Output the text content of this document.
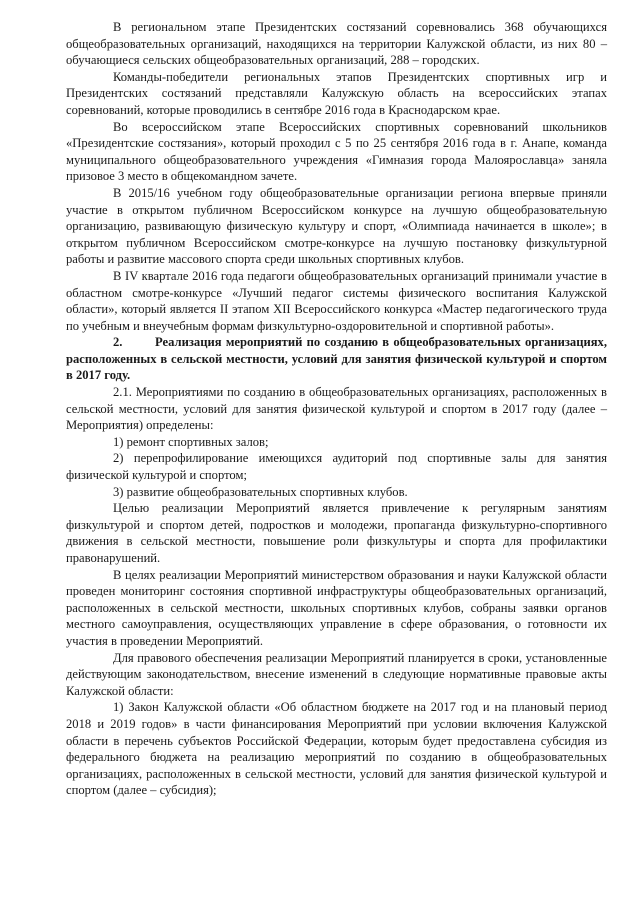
В региональном этапе Президентских состязаний соревновались 368 обучающихся общеобразовательных организаций, находящихся на территории Калужской области, из них 80 – обучающиеся сельских общеобразовательных организаций, 288 – городских.

Команды-победители региональных этапов Президентских спортивных игр и Президентских состязаний представляли Калужскую область на всероссийских этапах соревнований, которые проводились в сентябре 2016 года в Краснодарском крае.

Во всероссийском этапе Всероссийских спортивных соревнований школьников «Президентские состязания», который проходил с 5 по 25 сентября 2016 года в г. Анапе, команда муниципального общеобразовательного учреждения «Гимназия города Малоярославца» заняла призовое 3 место в общекомандном зачете.

В 2015/16 учебном году общеобразовательные организации региона впервые приняли участие в открытом публичном Всероссийском конкурсе на лучшую общеобразовательную организацию, развивающую физическую культуру и спорт, «Олимпиада начинается в школе»; в открытом публичном Всероссийском смотре-конкурсе на лучшую постановку физкультурной работы и развитие массового спорта среди школьных спортивных клубов.

В IV квартале 2016 года педагоги общеобразовательных организаций принимали участие в областном смотре-конкурсе «Лучший педагог системы физического воспитания Калужской области», который является II этапом XII Всероссийского конкурса «Мастер педагогического труда по учебным и внеучебным формам физкультурно-оздоровительной и спортивной работы».

2.	Реализация мероприятий по созданию в общеобразовательных организациях, расположенных в сельской местности, условий для занятия физической культурой и спортом в 2017 году.

2.1. Мероприятиями по созданию в общеобразовательных организациях, расположенных в сельской местности, условий для занятия физической культурой и спортом в 2017 году (далее – Мероприятия) определены:

1) ремонт спортивных залов;

2) перепрофилирование имеющихся аудиторий под спортивные залы для занятия физической культурой и спортом;

3) развитие общеобразовательных спортивных клубов.

Целью реализации Мероприятий является привлечение к регулярным занятиям физкультурой и спортом детей, подростков и молодежи, пропаганда физкультурно-спортивного движения в сельской местности, повышение роли физкультуры и спорта для профилактики правонарушений.

В целях реализации Мероприятий министерством образования и науки Калужской области проведен мониторинг состояния спортивной инфраструктуры общеобразовательных организаций, расположенных в сельской местности, школьных спортивных клубов, собраны заявки органов местного самоуправления, осуществляющих управление в сфере образования, о готовности их участия в проведении Мероприятий.

Для правового обеспечения реализации Мероприятий планируется в сроки, установленные действующим законодательством, внесение изменений в следующие нормативные правовые акты Калужской области:

1) Закон Калужской области «Об областном бюджете на 2017 год и на плановый период 2018 и 2019 годов» в части финансирования Мероприятий при условии включения Калужской области в перечень субъектов Российской Федерации, которым будет предоставлена субсидия из федерального бюджета на реализацию мероприятий по созданию в общеобразовательных организациях, расположенных в сельской местности, условий для занятия физической культурой и спортом (далее – субсидия);
